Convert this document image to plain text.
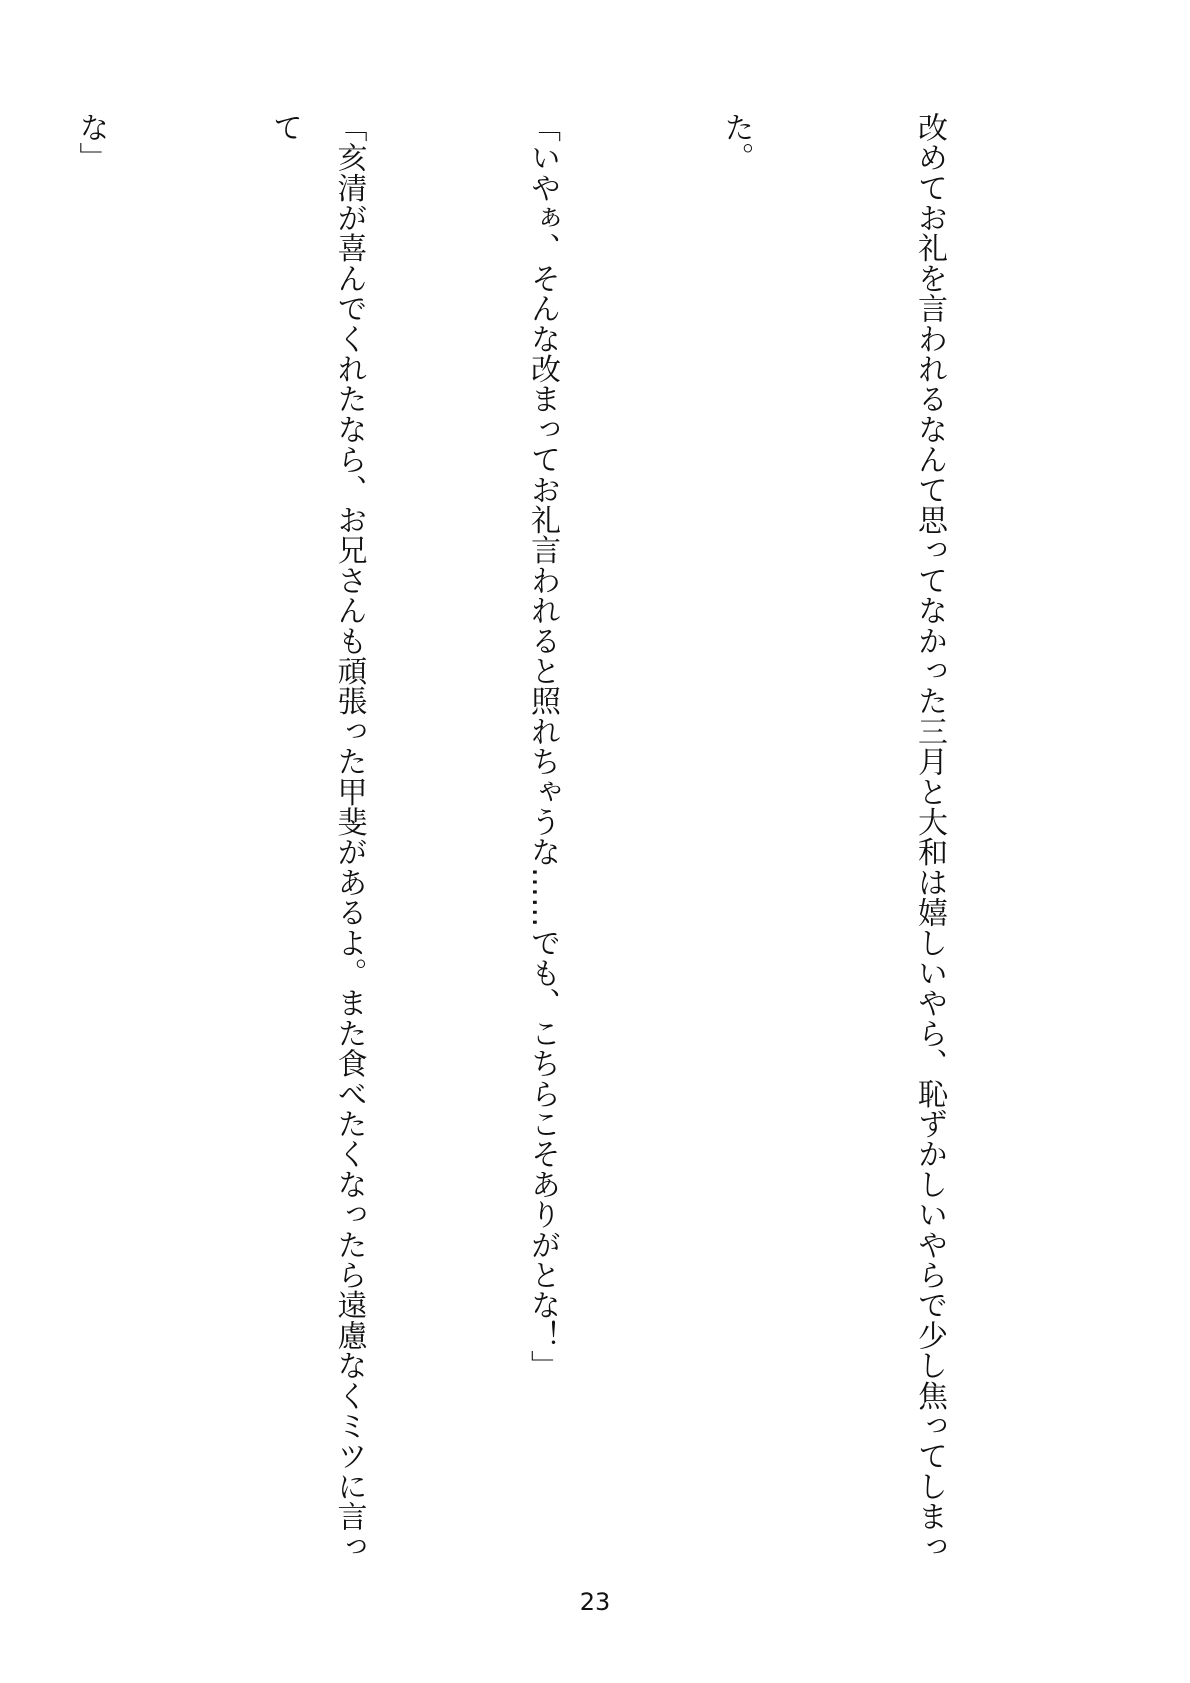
改めてお礼を言われるなんて思ってなかった三月と大和は嬉しいやら、恥ずかしいやらで少し焦ってしまっ

た。

「いやぁ、そんな改まってお礼言われると照れちゃうな……でも、こちらこそありがとな！」

「亥清が喜んでくれたなら、お兄さんも頑張った甲斐があるよ。また食べたくなったら遠慮なくミツに言って

な」

23
